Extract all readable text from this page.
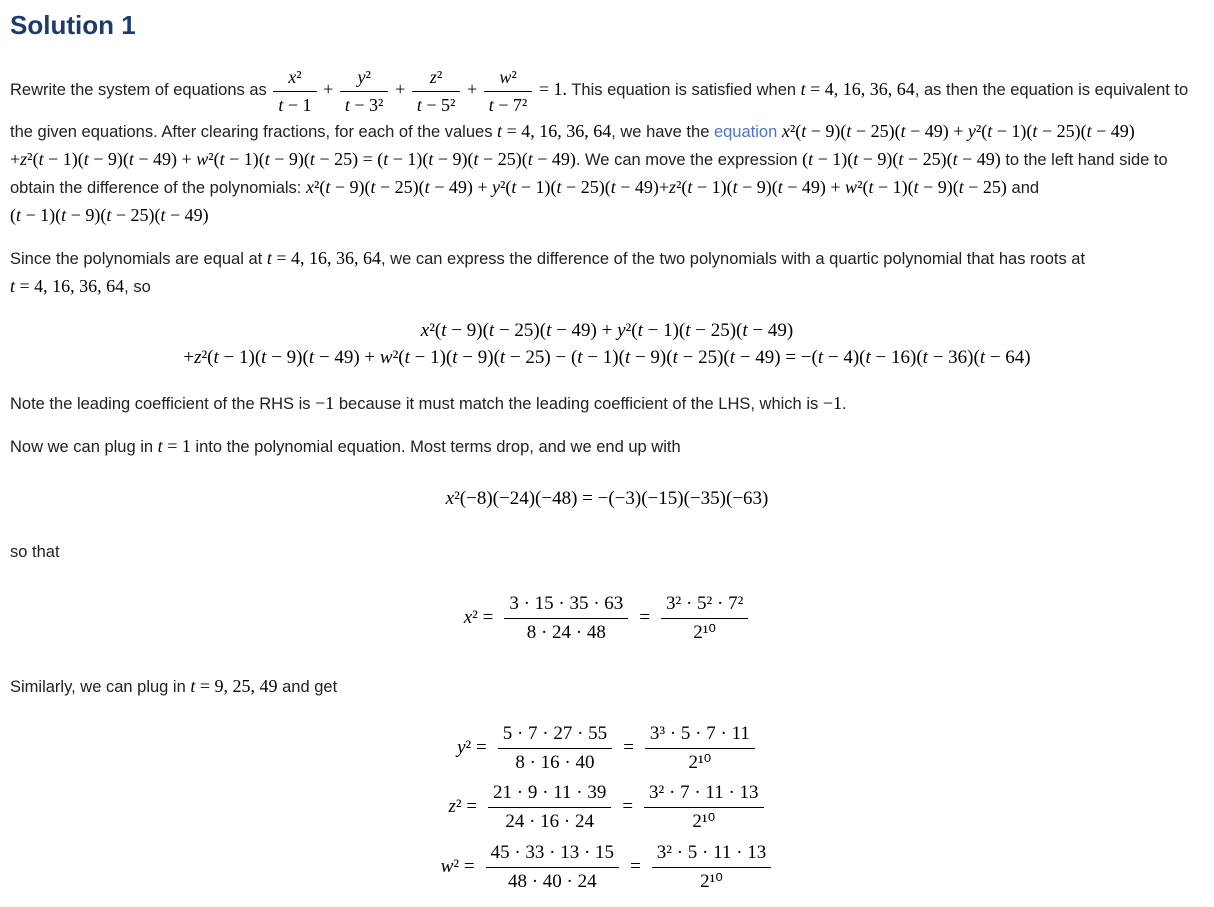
Solution 1

Rewrite the system of equations as $\frac{\text{x²}}{t - 1} + \frac{\text{y²}}{\text{t − 3²}} + \frac{\text{z²}}{\text{t − 5²}} + \frac{\text{w²}}{\text{t − 7²}} = 1$. This equation is satisfied when t = 4, 16, 36, 64, as then the equation is equivalent to the given equations. After clearing fractions, for each of the values t = 4, 16, 36, 64, we have the equation x²(t − 9)(t − 25)(t − 49) + y²(t − 1)(t − 25)(t − 49) +z²(t − 1)(t − 9)(t − 49) + w²(t − 1)(t − 9)(t − 25) = (t − 1)(t − 9)(t − 25)(t − 49). We can move the expression (t − 1)(t − 9)(t − 25)(t − 49) to the left hand side to obtain the difference of the polynomials: x²(t − 9)(t − 25)(t − 49) + y²(t − 1)(t − 25)(t − 49)+z²(t − 1)(t − 9)(t − 49) + w²(t − 1)(t − 9)(t − 25) and (t − 1)(t − 9)(t − 25)(t − 49)

Since the polynomials are equal at t = 4, 16, 36, 64, we can express the difference of the two polynomials with a quartic polynomial that has roots at t = 4, 16, 36, 64, so

x²(t − 9)(t − 25)(t − 49) + y²(t − 1)(t − 25)(t − 49)
+z²(t − 1)(t − 9)(t − 49) + w²(t − 1)(t − 9)(t − 25) − (t − 1)(t − 9)(t − 25)(t − 49) = −(t − 4)(t − 16)(t − 36)(t − 64)

Note the leading coefficient of the RHS is −1 because it must match the leading coefficient of the LHS, which is −1.

Now we can plug in t = 1 into the polynomial equation. Most terms drop, and we end up with

x²(−8)(−24)(−48) = −(−3)(−15)(−35)(−63)

so that

$x^2 = \frac{3 \cdot 15 \cdot 35 \cdot 63}{8 \cdot 24 \cdot 48} = \frac{\text{3² · 5² · 7²}}{\text{2¹⁰}}$

Similarly, we can plug in t = 9, 25, 49 and get

$y^2 = \frac{5 \cdot 7 \cdot 27 \cdot 55}{8 \cdot 16 \cdot 40} = \frac{\text{3³ · 5 · 7 · 11}}{\text{2¹⁰}}$
$z^2 = \frac{21 \cdot 9 \cdot 11 \cdot 39}{24 \cdot 16 \cdot 24} = \frac{\text{3² · 7 · 11 · 13}}{\text{2¹⁰}}$
$w^2 = \frac{45 \cdot 33 \cdot 13 \cdot 15}{48 \cdot 40 \cdot 24} = \frac{\text{3² · 5 · 11 · 13}}{\text{2¹⁰}}$
